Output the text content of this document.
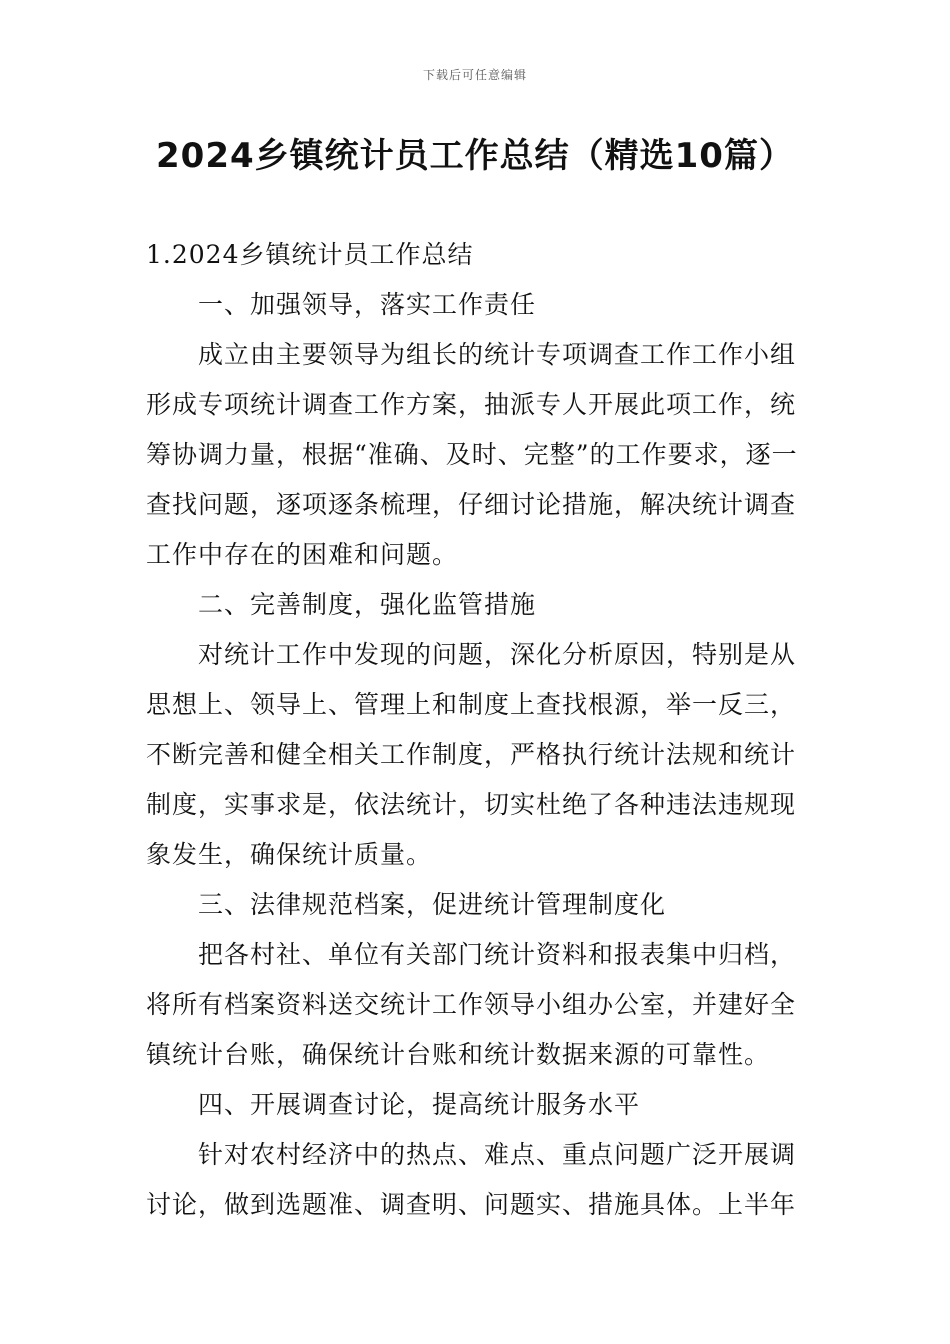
下载后可任意编辑
2024乡镇统计员工作总结（精选10篇）

1.2024乡镇统计员工作总结

一、加强领导，落实工作责任

成立由主要领导为组长的统计专项调查工作工作小组形成专项统计调查工作方案，抽派专人开展此项工作，统筹协调力量，根据“准确、及时、完整”的工作要求，逐一查找问题，逐项逐条梳理，仔细讨论措施，解决统计调查工作中存在的困难和问题。

二、完善制度，强化监管措施

对统计工作中发现的问题，深化分析原因，特别是从思想上、领导上、管理上和制度上查找根源，举一反三，不断完善和健全相关工作制度，严格执行统计法规和统计制度，实事求是，依法统计，切实杜绝了各种违法违规现象发生，确保统计质量。

三、法律规范档案，促进统计管理制度化

把各村社、单位有关部门统计资料和报表集中归档，将所有档案资料送交统计工作领导小组办公室，并建好全镇统计台账，确保统计台账和统计数据来源的可靠性。

四、开展调查讨论，提高统计服务水平

针对农村经济中的热点、难点、重点问题广泛开展调讨论，做到选题准、调查明、问题实、措施具体。上半年
